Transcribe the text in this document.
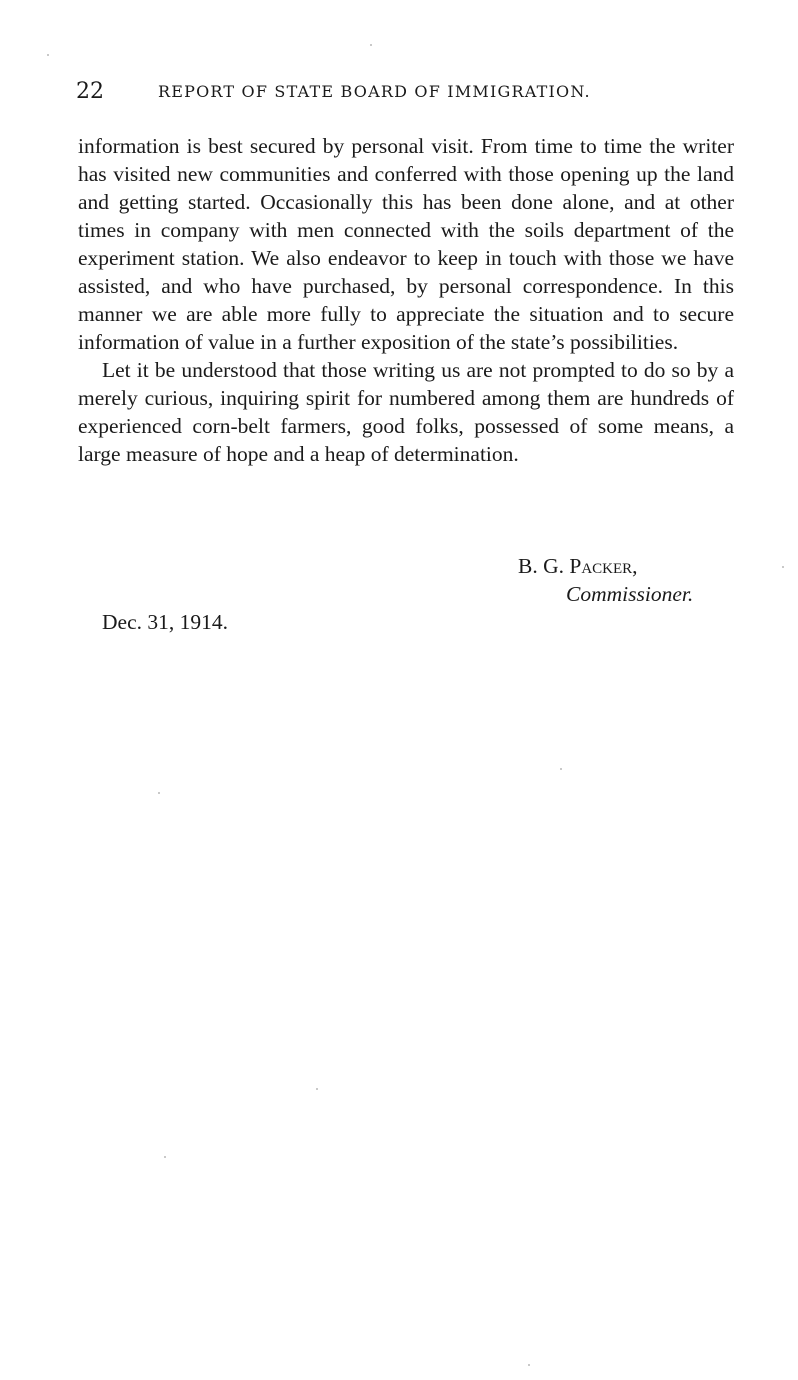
22	REPORT OF STATE BOARD OF IMMIGRATION.

information is best secured by personal visit. From time to time the writer has visited new communities and conferred with those opening up the land and getting started. Occasionally this has been done alone, and at other times in company with men connected with the soils department of the experiment station. We also endeavor to keep in touch with those we have assisted, and who have purchased, by personal correspondence. In this manner we are able more fully to appreciate the situation and to secure information of value in a further exposition of the state’s possibilities.

Let it be understood that those writing us are not prompted to do so by a merely curious, inquiring spirit for numbered among them are hundreds of experienced corn-belt farmers, good folks, possessed of some means, a large measure of hope and a heap of determination.

B. G. Packer,
Commissioner.
Dec. 31, 1914.
